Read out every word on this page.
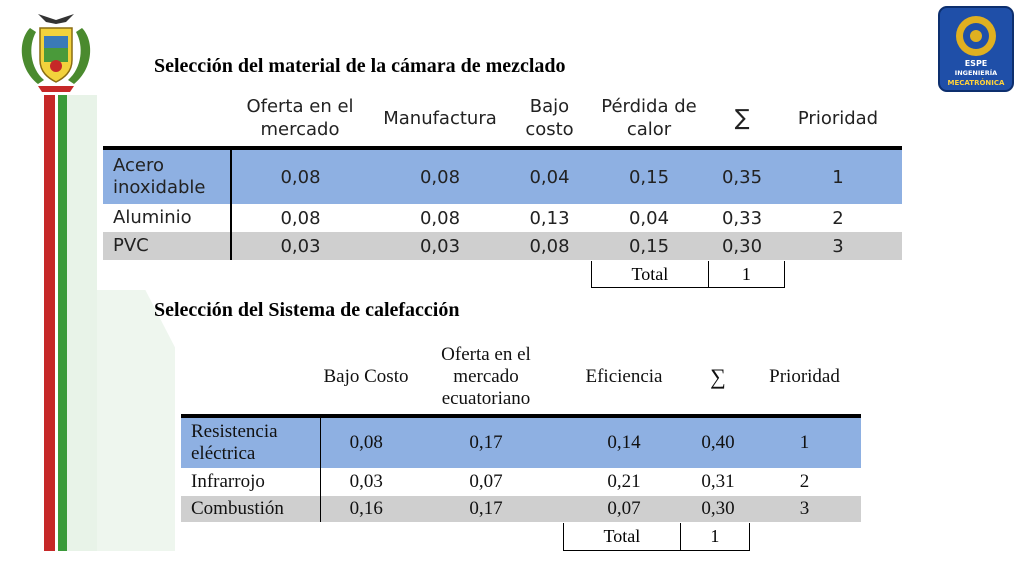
ESPE
INGENIERÍA
MECATRÓNICA
Selección del material de la cámara de mezclado
	Oferta en el mercado	Manufactura	Bajo costo	Pérdida de calor	∑	Prioridad
Acero inoxidable	0,08	0,08	0,04	0,15	0,35	1
Aluminio	0,08	0,08	0,13	0,04	0,33	2
PVC	0,03	0,03	0,08	0,15	0,30	3
Total	1
Selección del Sistema de calefacción
	Bajo Costo	Oferta en el mercado ecuatoriano	Eficiencia	∑	Prioridad
Resistencia eléctrica	0,08	0,17	0,14	0,40	1
Infrarrojo	0,03	0,07	0,21	0,31	2
Combustión	0,16	0,17	0,07	0,30	3
Total	1
